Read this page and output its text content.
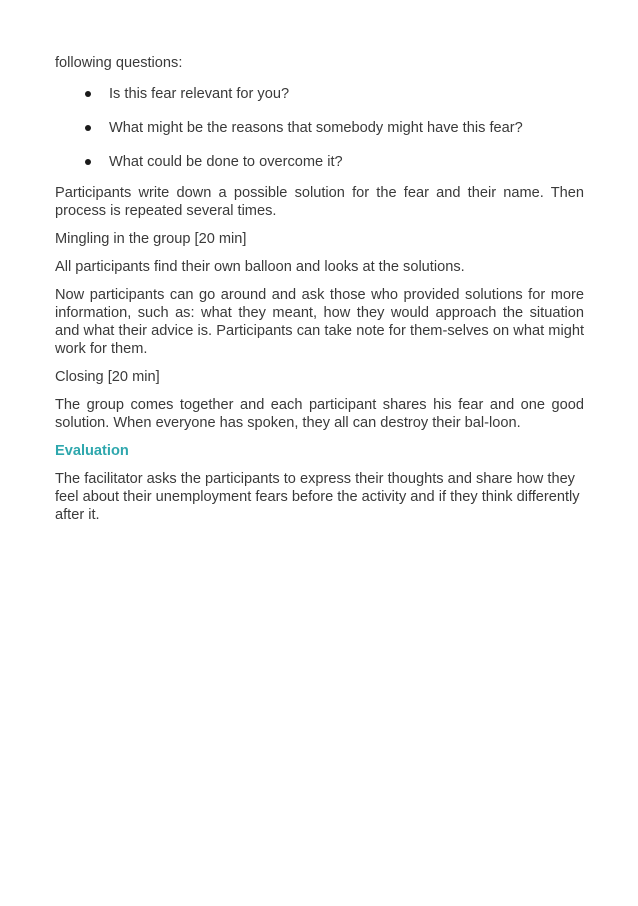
following questions:

Is this fear relevant for you?
What might be the reasons that somebody might have this fear?
What could be done to overcome it?

Participants write down a possible solution for the fear and their name. Then process is repeated several times.

Mingling in the group [20 min]

All participants find their own balloon and looks at the solutions.

Now participants can go around and ask those who provided solutions for more information, such as: what they meant, how they would approach the situation and what their advice is. Participants can take note for them-selves on what might work for them.

Closing [20 min]

The group comes together and each participant shares his fear and one good solution. When everyone has spoken, they all can destroy their bal-loon.

Evaluation

The facilitator asks the participants to express their thoughts and share how they feel about their unemployment fears before the activity and if they think differently after it.
